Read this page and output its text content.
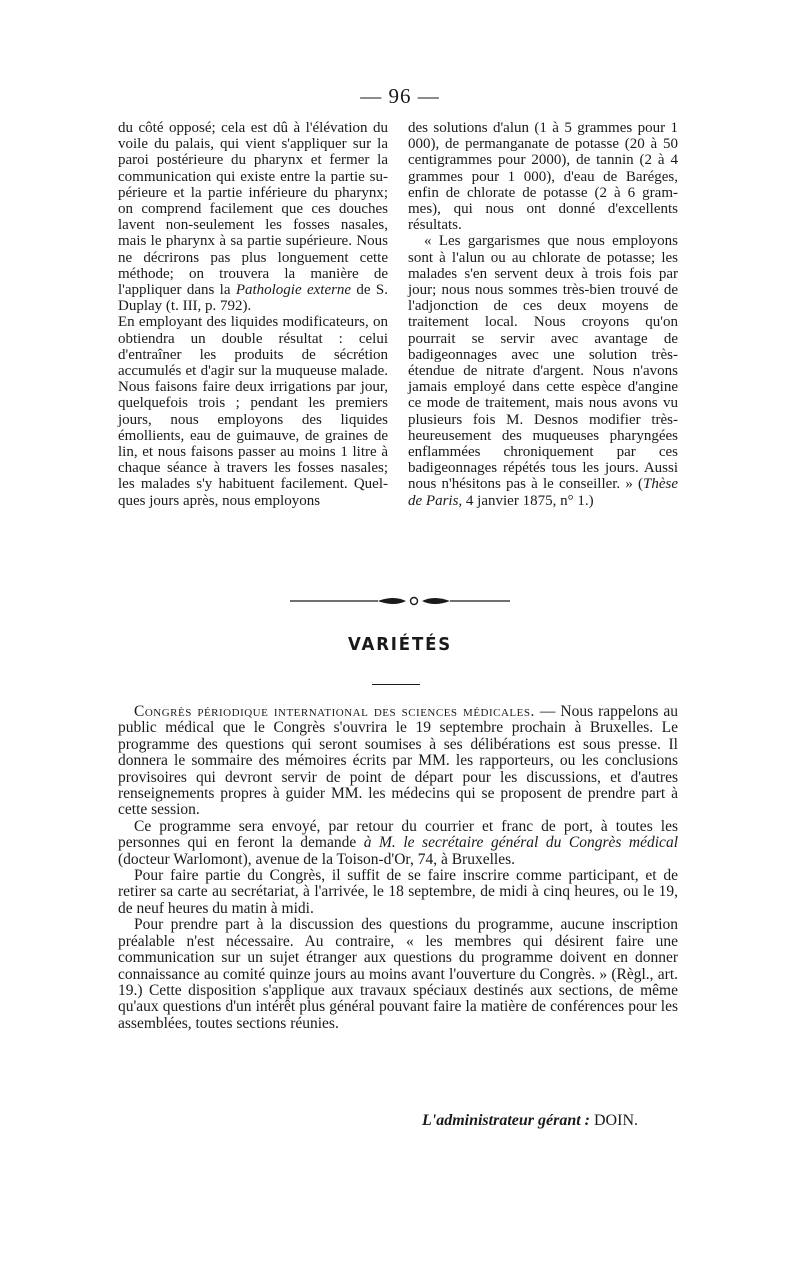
— 96 —

du côté opposé; cela est dû à l'élévation du voile du palais, qui vient s'appliquer sur la paroi postérieure du pharynx et fermer la communication qui existe entre la partie supérieure et la partie inférieure du pharynx; on comprend facilement que ces douches lavent non-seulement les fosses nasales, mais le pharynx à sa partie supérieure. Nous ne décrirons pas plus longuement cette méthode; on trouvera la manière de l'appliquer dans la Pathologie externe de S. Duplay (t. III, p. 792).

En employant des liquides modificateurs, on obtiendra un double résultat : celui d'entraîner les produits de sécrétion accumulés et d'agir sur la muqueuse malade. Nous faisons faire deux irrigations par jour, quelquefois trois ; pendant les premiers jours, nous employons des liquides émollients, eau de guimauve, de graines de lin, et nous faisons passer au moins 1 litre à chaque séance à travers les fosses nasales; les malades s'y habituent facilement. Quelques jours après, nous employons

des solutions d'alun (1 à 5 grammes pour 1 000), de permanganate de potasse (20 à 50 centigrammes pour 2000), de tannin (2 à 4 grammes pour 1 000), d'eau de Baréges, enfin de chlorate de potasse (2 à 6 grammes), qui nous ont donné d'excellents résultats.

« Les gargarismes que nous employons sont à l'alun ou au chlorate de potasse; les malades s'en servent deux à trois fois par jour; nous nous sommes très-bien trouvé de l'adjonction de ces deux moyens de traitement local. Nous croyons qu'on pourrait se servir avec avantage de badigeonnages avec une solution très-étendue de nitrate d'argent. Nous n'avons jamais employé dans cette espèce d'angine ce mode de traitement, mais nous avons vu plusieurs fois M. Desnos modifier très-heureusement des muqueuses pharyngées enflammées chroniquement par ces badigeonnages répétés tous les jours. Aussi nous n'hésitons pas à le conseiller. » (Thèse de Paris, 4 janvier 1875, n° 1.)

VARIÉTÉS

Congrès périodique international des sciences médicales. — Nous rappelons au public médical que le Congrès s'ouvrira le 19 septembre prochain à Bruxelles. Le programme des questions qui seront soumises à ses délibérations est sous presse. Il donnera le sommaire des mémoires écrits par MM. les rapporteurs, ou les conclusions provisoires qui devront servir de point de départ pour les discussions, et d'autres renseignements propres à guider MM. les médecins qui se proposent de prendre part à cette session.

Ce programme sera envoyé, par retour du courrier et franc de port, à toutes les personnes qui en feront la demande à M. le secrétaire général du Congrès médical (docteur Warlomont), avenue de la Toison-d'Or, 74, à Bruxelles.

Pour faire partie du Congrès, il suffit de se faire inscrire comme participant, et de retirer sa carte au secrétariat, à l'arrivée, le 18 septembre, de midi à cinq heures, ou le 19, de neuf heures du matin à midi.

Pour prendre part à la discussion des questions du programme, aucune inscription préalable n'est nécessaire. Au contraire, « les membres qui désirent faire une communication sur un sujet étranger aux questions du programme doivent en donner connaissance au comité quinze jours au moins avant l'ouverture du Congrès. » (Règl., art. 19.) Cette disposition s'applique aux travaux spéciaux destinés aux sections, de même qu'aux questions d'un intérêt plus général pouvant faire la matière de conférences pour les assemblées, toutes sections réunies.

L'administrateur gérant : DOIN.
